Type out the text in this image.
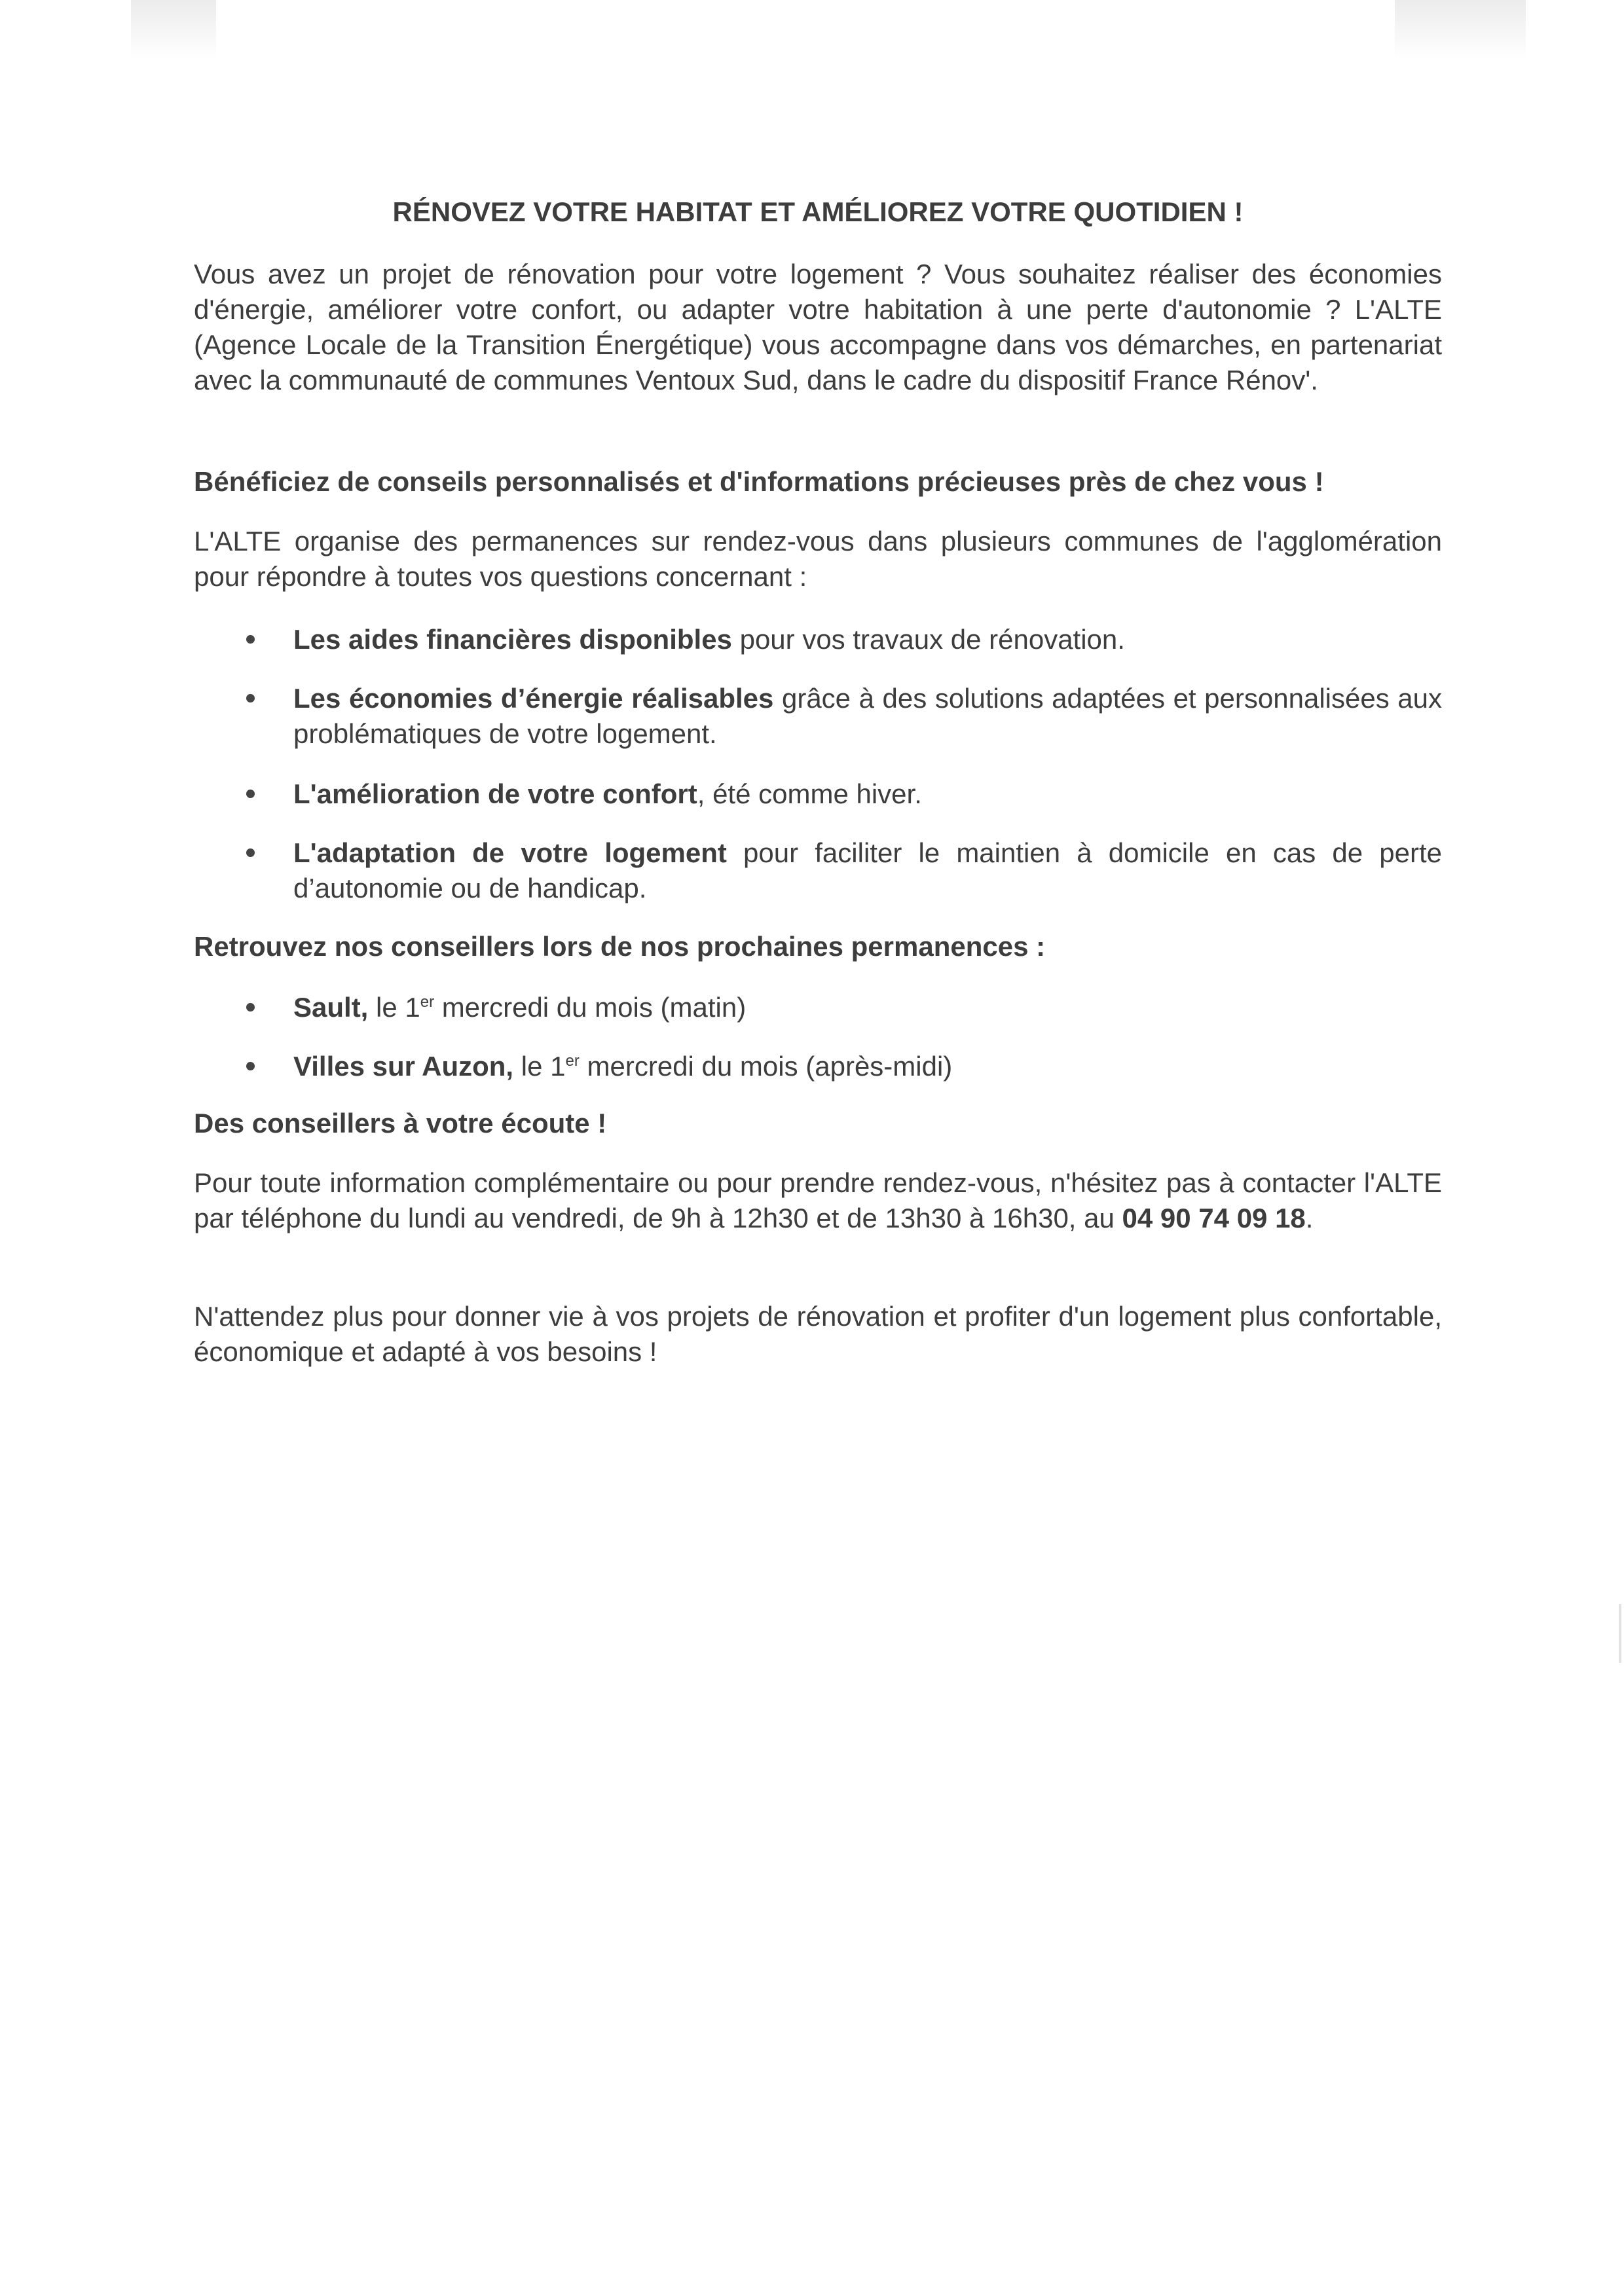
RÉNOVEZ VOTRE HABITAT ET AMÉLIOREZ VOTRE QUOTIDIEN !

Vous avez un projet de rénovation pour votre logement ? Vous souhaitez réaliser des économies d'énergie, améliorer votre confort, ou adapter votre habitation à une perte d'autonomie ? L'ALTE (Agence Locale de la Transition Énergétique) vous accompagne dans vos démarches, en partenariat avec la communauté de communes Ventoux Sud, dans le cadre du dispositif France Rénov'.

Bénéficiez de conseils personnalisés et d'informations précieuses près de chez vous !

L'ALTE organise des permanences sur rendez-vous dans plusieurs communes de l'agglomération pour répondre à toutes vos questions concernant :

Les aides financières disponibles pour vos travaux de rénovation.
Les économies d’énergie réalisables grâce à des solutions adaptées et personnalisées aux problématiques de votre logement.
L'amélioration de votre confort, été comme hiver.
L'adaptation de votre logement pour faciliter le maintien à domicile en cas de perte d’autonomie ou de handicap.

Retrouvez nos conseillers lors de nos prochaines permanences :

Sault, le 1er mercredi du mois (matin)
Villes sur Auzon, le 1er mercredi du mois (après-midi)

Des conseillers à votre écoute !

Pour toute information complémentaire ou pour prendre rendez-vous, n'hésitez pas à contacter l'ALTE par téléphone du lundi au vendredi, de 9h à 12h30 et de 13h30 à 16h30, au 04 90 74 09 18.

N'attendez plus pour donner vie à vos projets de rénovation et profiter d'un logement plus confortable, économique et adapté à vos besoins !
